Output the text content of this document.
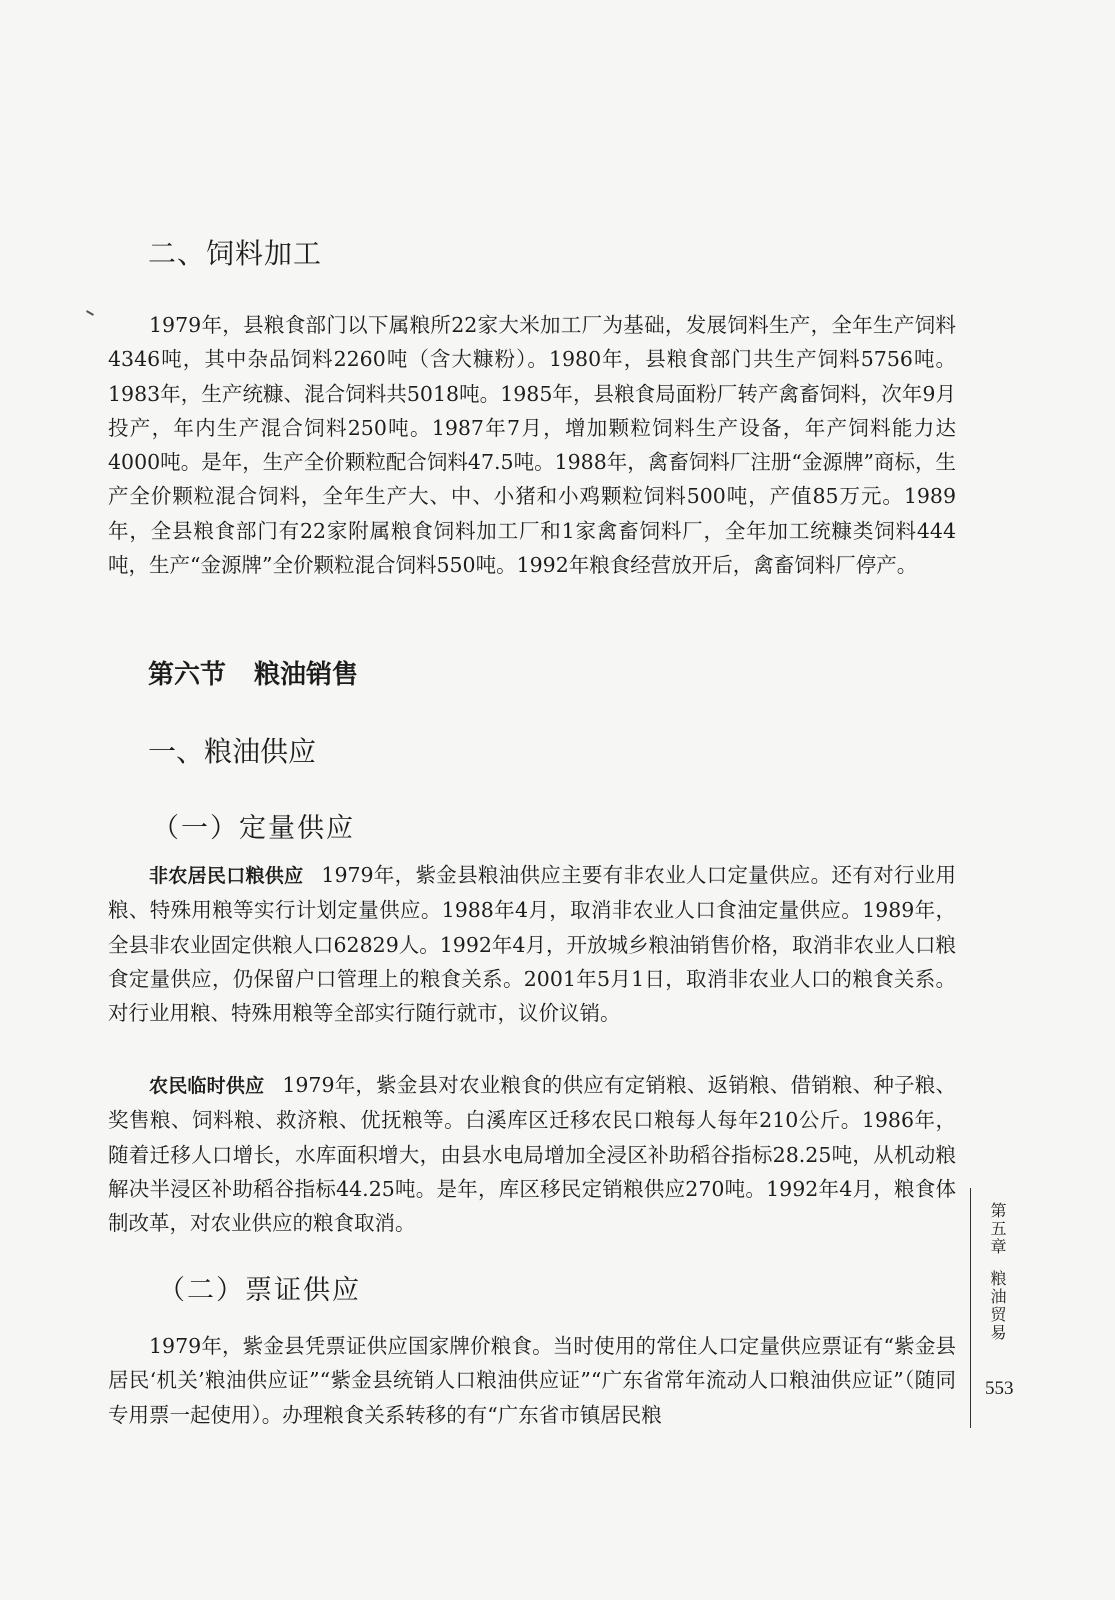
二、饲料加工

1979年，县粮食部门以下属粮所22家大米加工厂为基础，发展饲料生产，全年生产饲料4346吨，其中杂品饲料2260吨（含大糠粉）。1980年，县粮食部门共生产饲料5756吨。1983年，生产统糠、混合饲料共5018吨。1985年，县粮食局面粉厂转产禽畜饲料，次年9月投产，年内生产混合饲料250吨。1987年7月，增加颗粒饲料生产设备，年产饲料能力达4000吨。是年，生产全价颗粒配合饲料47.5吨。1988年，禽畜饲料厂注册“金源牌”商标，生产全价颗粒混合饲料，全年生产大、中、小猪和小鸡颗粒饲料500吨，产值85万元。1989年，全县粮食部门有22家附属粮食饲料加工厂和1家禽畜饲料厂，全年加工统糠类饲料444吨，生产“金源牌”全价颗粒混合饲料550吨。1992年粮食经营放开后，禽畜饲料厂停产。

第六节 粮油销售
一、粮油供应
（一）定量供应

非农居民口粮供应 1979年，紫金县粮油供应主要有非农业人口定量供应。还有对行业用粮、特殊用粮等实行计划定量供应。1988年4月，取消非农业人口食油定量供应。1989年，全县非农业固定供粮人口62829人。1992年4月，开放城乡粮油销售价格，取消非农业人口粮食定量供应，仍保留户口管理上的粮食关系。2001年5月1日，取消非农业人口的粮食关系。对行业用粮、特殊用粮等全部实行随行就市，议价议销。

农民临时供应 1979年，紫金县对农业粮食的供应有定销粮、返销粮、借销粮、种子粮、奖售粮、饲料粮、救济粮、优抚粮等。白溪库区迁移农民口粮每人每年210公斤。1986年，随着迁移人口增长，水库面积增大，由县水电局增加全浸区补助稻谷指标28.25吨，从机动粮解决半浸区补助稻谷指标44.25吨。是年，库区移民定销粮供应270吨。1992年4月，粮食体制改革，对农业供应的粮食取消。

（二）票证供应

1979年，紫金县凭票证供应国家牌价粮食。当时使用的常住人口定量供应票证有“紫金县居民‘机关’粮油供应证”“紫金县统销人口粮油供应证”“广东省常年流动人口粮油供应证”（随同专用票一起使用）。办理粮食关系转移的有“广东省市镇居民粮

第五章粮油贸易
553
